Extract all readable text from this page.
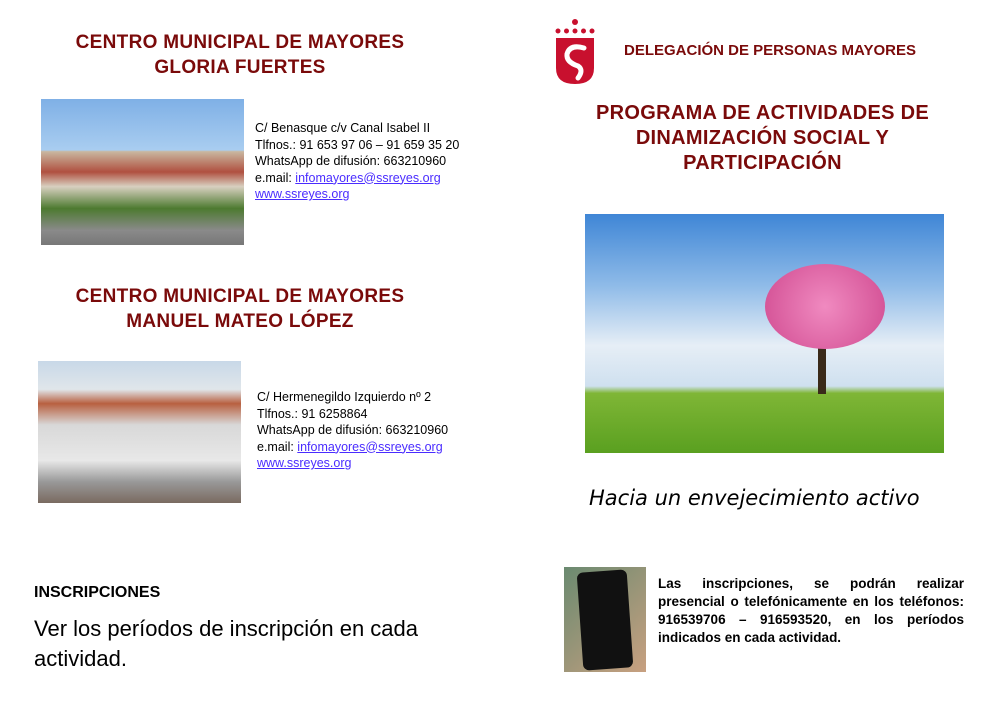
CENTRO MUNICIPAL DE MAYORES
GLORIA FUERTES
C/ Benasque c/v Canal Isabel II
Tlfnos.: 91 653 97 06 – 91 659 35 20
WhatsApp de difusión: 663210960
e.mail: infomayores@ssreyes.org
www.ssreyes.org
CENTRO MUNICIPAL DE MAYORES
MANUEL MATEO LÓPEZ
C/ Hermenegildo Izquierdo nº 2
Tlfnos.: 91 6258864
WhatsApp de difusión: 663210960
e.mail: infomayores@ssreyes.org
www.ssreyes.org
INSCRIPCIONES
Ver los períodos de inscripción en cada actividad.
DELEGACIÓN DE PERSONAS MAYORES
PROGRAMA DE ACTIVIDADES DE
DINAMIZACIÓN SOCIAL Y
PARTICIPACIÓN
Hacia un envejecimiento activo
Las inscripciones, se podrán realizar presencial o telefónicamente en los teléfonos: 916539706 – 916593520, en los períodos indicados en cada actividad.
